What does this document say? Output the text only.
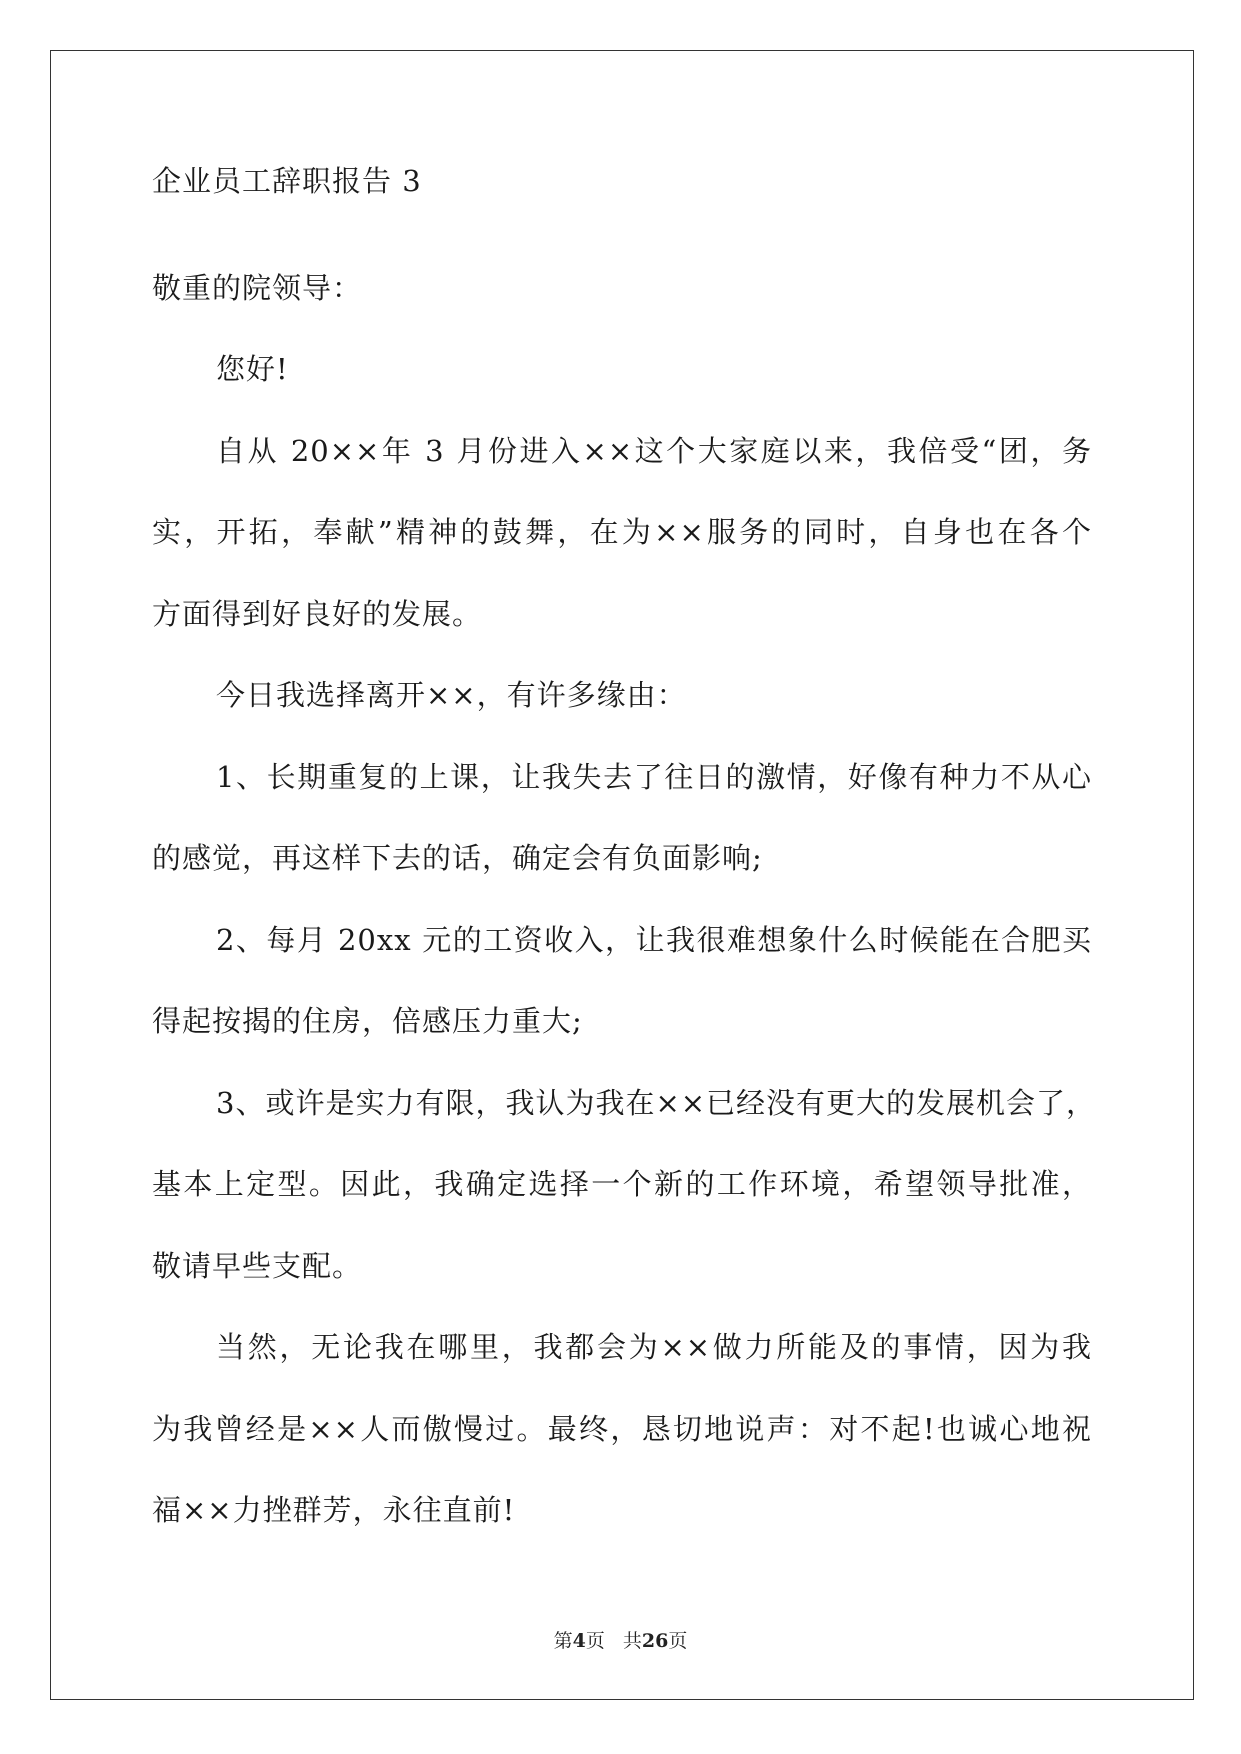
企业员工辞职报告 3
敬重的院领导：
您好!
自从 20××年 3 月份进入××这个大家庭以来，我倍受“团，务
实，开拓，奉献”精神的鼓舞，在为××服务的同时，自身也在各个
方面得到好良好的发展。
今日我选择离开××，有许多缘由：
1、长期重复的上课，让我失去了往日的激情，好像有种力不从心
的感觉，再这样下去的话，确定会有负面影响;
2、每月 20xx 元的工资收入，让我很难想象什么时候能在合肥买
得起按揭的住房，倍感压力重大;
3、或许是实力有限，我认为我在××已经没有更大的发展机会了，
基本上定型。因此，我确定选择一个新的工作环境，希望领导批准，
敬请早些支配。
当然，无论我在哪里，我都会为××做力所能及的事情，因为我
为我曾经是××人而傲慢过。最终，恳切地说声：对不起!也诚心地祝
福××力挫群芳，永往直前!
第4页 共26页
